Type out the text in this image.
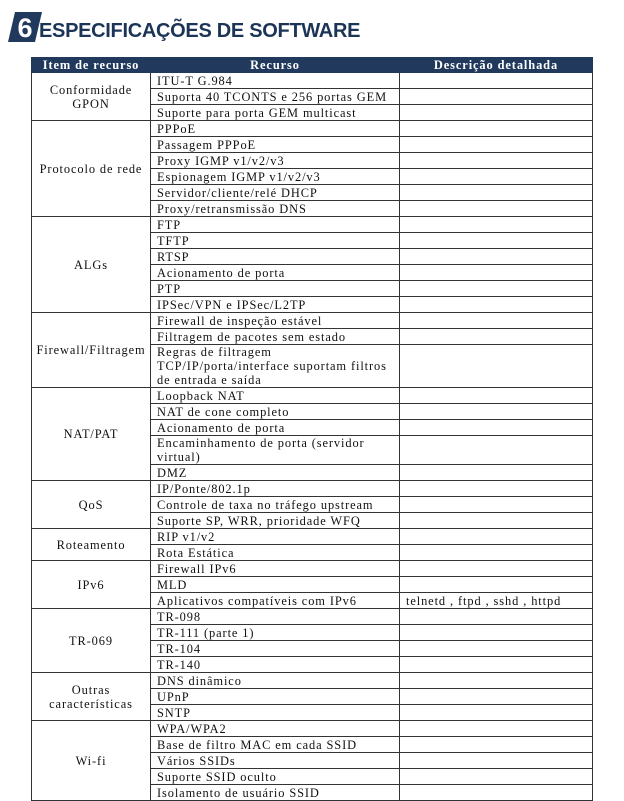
6 ESPECIFICAÇÕES DE SOFTWARE
Item de recurso	Recurso	Descrição detalhada
Conformidade GPON	ITU-T G.984	
	Suporta 40 TCONTS e 256 portas GEM	
	Suporte para porta GEM multicast	
Protocolo de rede	PPPoE	
	Passagem PPPoE	
	Proxy IGMP v1/v2/v3	
	Espionagem IGMP v1/v2/v3	
	Servidor/cliente/relé DHCP	
	Proxy/retransmissão DNS	
ALGs	FTP	
	TFTP	
	RTSP	
	Acionamento de porta	
	PTP	
	IPSec/VPN e IPSec/L2TP	
Firewall/Filtragem	Firewall de inspeção estável	
	Filtragem de pacotes sem estado	
	Regras de filtragem TCP/IP/porta/interface suportam filtros de entrada e saída	
NAT/PAT	Loopback NAT	
	NAT de cone completo	
	Acionamento de porta	
	Encaminhamento de porta (servidor virtual)	
	DMZ	
QoS	IP/Ponte/802.1p	
	Controle de taxa no tráfego upstream	
	Suporte SP, WRR, prioridade WFQ	
Roteamento	RIP v1/v2	
	Rota Estática	
IPv6	Firewall IPv6	
	MLD	
	Aplicativos compatíveis com IPv6	telnetd , ftpd , sshd , httpd
TR-069	TR-098	
	TR-111 (parte 1)	
	TR-104	
	TR-140	
Outras características	DNS dinâmico	
	UPnP	
	SNTP	
Wi-fi	WPA/WPA2	
	Base de filtro MAC em cada SSID	
	Vários SSIDs	
	Suporte SSID oculto	
	Isolamento de usuário SSID	
